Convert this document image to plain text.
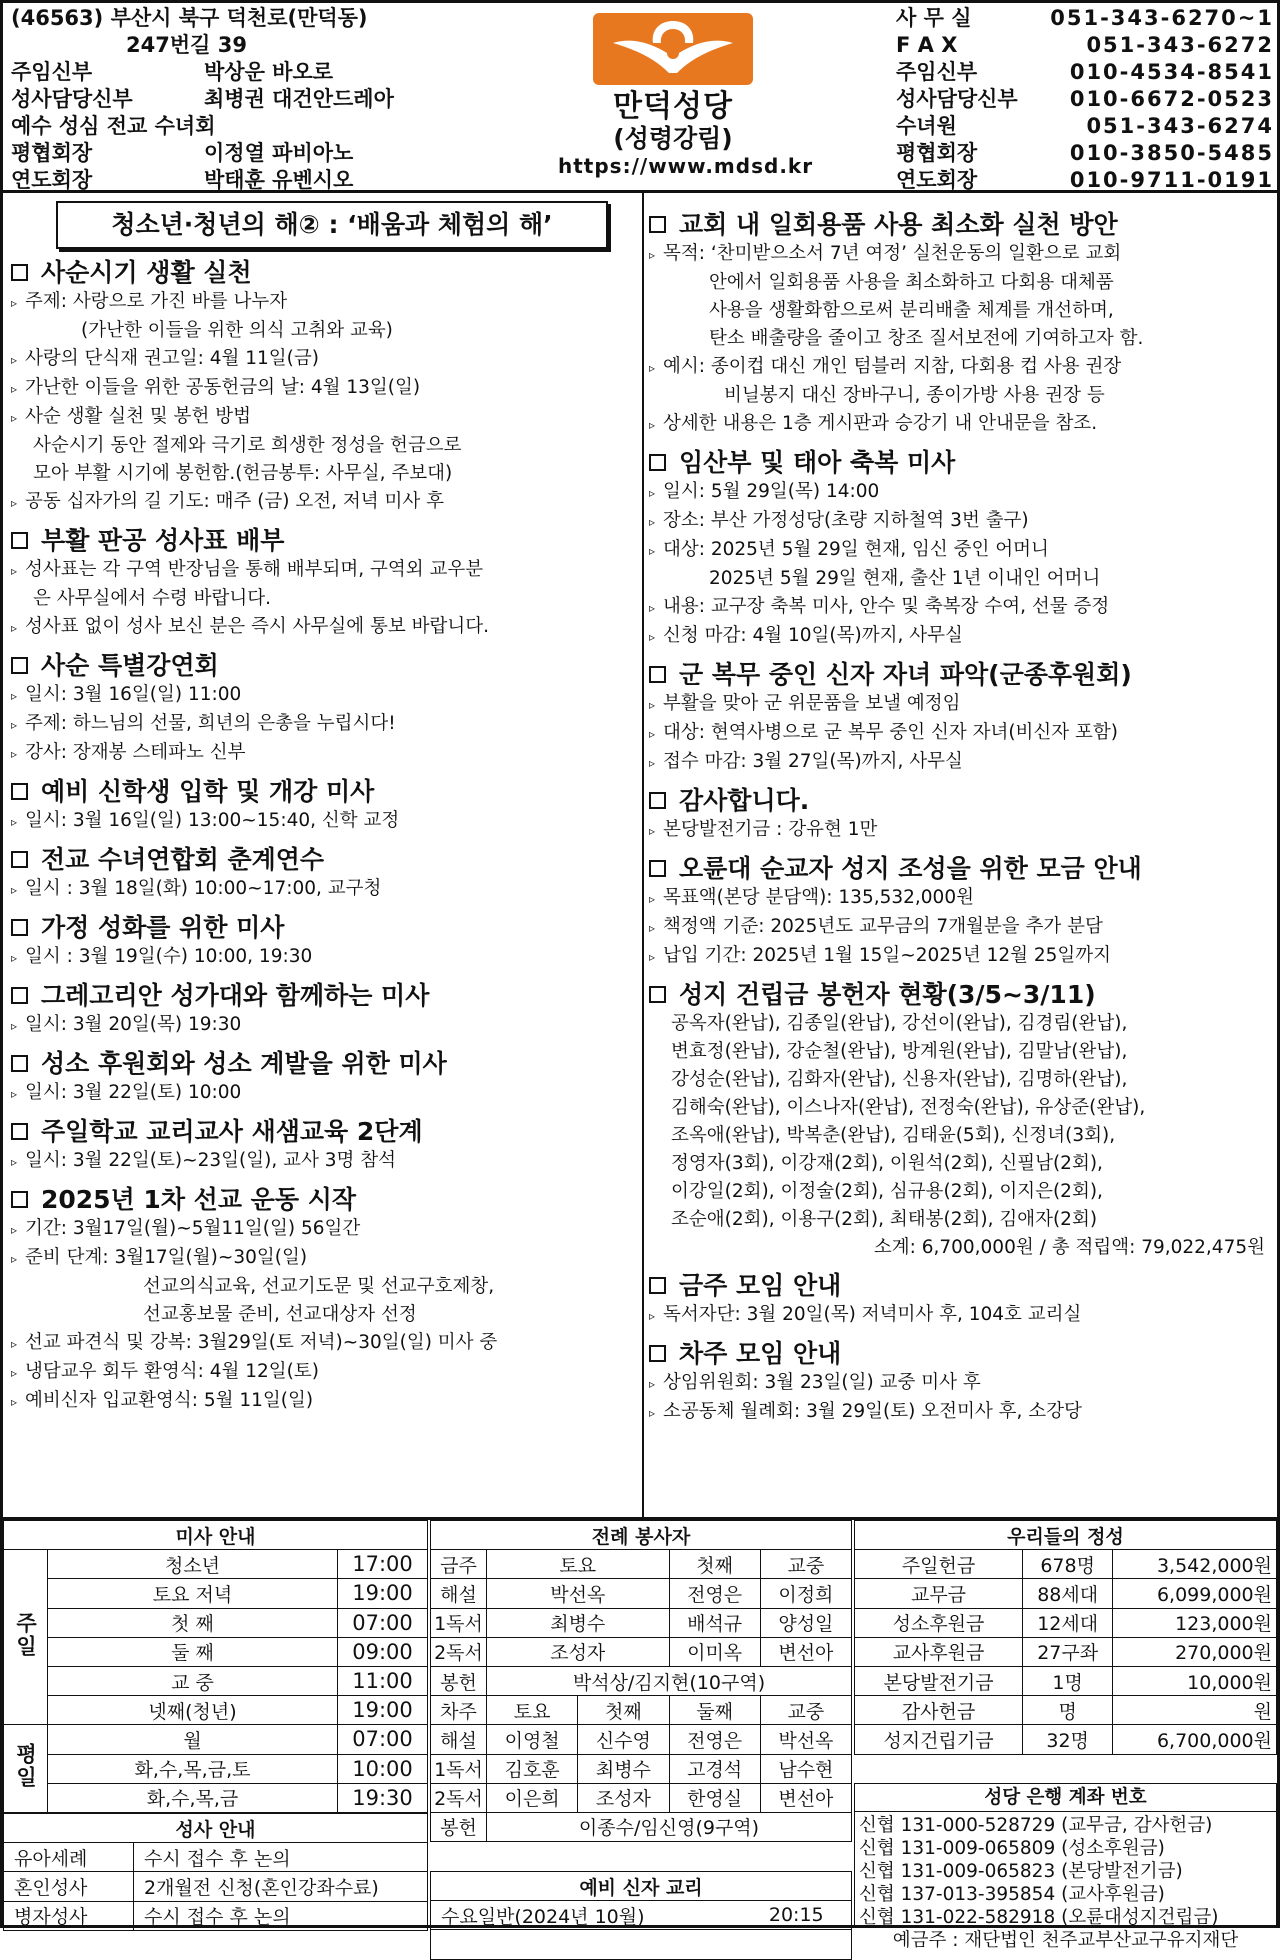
(46563) 부산시 북구 덕천로(만덕동)
247번길 39
주임신부	박상운 바오로
성사담당신부	최병권 대건안드레아
예수 성심 전교 수녀회
평협회장	이정열 파비아노
연도회장	박태훈 유벤시오
만덕성당
(성령강림)
https://www.mdsd.kr
사 무 실	051-343-6270~1
F A X	051-343-6272
주임신부	010-4534-8541
성사담당신부 010-6672-0523
수녀원	051-343-6274
평협회장	010-3850-5485
연도회장	010-9711-0191
청소년·청년의 해② : ‘배움과 체험의 해’
사순시기 생활 실천
▹ 주제: 사랑으로 가진 바를 나누자
(가난한 이들을 위한 의식 고취와 교육)
▹ 사랑의 단식재 권고일: 4월 11일(금)
▹ 가난한 이들을 위한 공동헌금의 날: 4월 13일(일)
▹ 사순 생활 실천 및 봉헌 방법
사순시기 동안 절제와 극기로 희생한 정성을 헌금으로
모아 부활 시기에 봉헌함.(헌금봉투: 사무실, 주보대)
▹ 공동 십자가의 길 기도: 매주 (금) 오전, 저녁 미사 후
부활 판공 성사표 배부
▹ 성사표는 각 구역 반장님을 통해 배부되며, 구역외 교우분
은 사무실에서 수령 바랍니다.
▹ 성사표 없이 성사 보신 분은 즉시 사무실에 통보 바랍니다.
사순 특별강연회
▹ 일시: 3월 16일(일) 11:00
▹ 주제: 하느님의 선물, 희년의 은총을 누립시다!
▹ 강사: 장재봉 스테파노 신부
예비 신학생 입학 및 개강 미사
▹ 일시: 3월 16일(일) 13:00~15:40, 신학 교정
전교 수녀연합회 춘계연수
▹ 일시 : 3월 18일(화) 10:00~17:00, 교구청
가정 성화를 위한 미사
▹ 일시 : 3월 19일(수) 10:00, 19:30
그레고리안 성가대와 함께하는 미사
▹ 일시: 3월 20일(목) 19:30
성소 후원회와 성소 계발을 위한 미사
▹ 일시: 3월 22일(토) 10:00
주일학교 교리교사 새샘교육 2단계
▹ 일시: 3월 22일(토)~23일(일), 교사 3명 참석
2025년 1차 선교 운동 시작
▹ 기간: 3월17일(월)~5월11일(일) 56일간
▹ 준비 단계: 3월17일(월)~30일(일)
선교의식교육, 선교기도문 및 선교구호제창,
선교홍보물 준비, 선교대상자 선정
▹ 선교 파견식 및 강복: 3월29일(토 저녁)~30일(일) 미사 중
▹ 냉담교우 회두 환영식: 4월 12일(토)
▹ 예비신자 입교환영식: 5월 11일(일)
교회 내 일회용품 사용 최소화 실천 방안
▹ 목적: ‘찬미받으소서 7년 여정’ 실천운동의 일환으로 교회
안에서 일회용품 사용을 최소화하고 다회용 대체품
사용을 생활화함으로써 분리배출 체계를 개선하며,
탄소 배출량을 줄이고 창조 질서보전에 기여하고자 함.
▹ 예시: 종이컵 대신 개인 텀블러 지참, 다회용 컵 사용 권장
비닐봉지 대신 장바구니, 종이가방 사용 권장 등
▹ 상세한 내용은 1층 게시판과 승강기 내 안내문을 참조.
임산부 및 태아 축복 미사
▹ 일시: 5월 29일(목) 14:00
▹ 장소: 부산 가정성당(초량 지하철역 3번 출구)
▹ 대상: 2025년 5월 29일 현재, 임신 중인 어머니
2025년 5월 29일 현재, 출산 1년 이내인 어머니
▹ 내용: 교구장 축복 미사, 안수 및 축복장 수여, 선물 증정
▹ 신청 마감: 4월 10일(목)까지, 사무실
군 복무 중인 신자 자녀 파악(군종후원회)
▹ 부활을 맞아 군 위문품을 보낼 예정임
▹ 대상: 현역사병으로 군 복무 중인 신자 자녀(비신자 포함)
▹ 접수 마감: 3월 27일(목)까지, 사무실
감사합니다.
▹ 본당발전기금 : 강유현 1만
오륜대 순교자 성지 조성을 위한 모금 안내
▹ 목표액(본당 분담액): 135,532,000원
▹ 책정액 기준: 2025년도 교무금의 7개월분을 추가 분담
▹ 납입 기간: 2025년 1월 15일~2025년 12월 25일까지
성지 건립금 봉헌자 현황(3/5~3/11)
공옥자(완납), 김종일(완납), 강선이(완납), 김경림(완납),
변효정(완납), 강순철(완납), 방계원(완납), 김말남(완납),
강성순(완납), 김화자(완납), 신용자(완납), 김명하(완납),
김해숙(완납), 이스나자(완납), 전정숙(완납), 유상준(완납),
조옥애(완납), 박복춘(완납), 김태윤(5회), 신정녀(3회),
정영자(3회), 이강재(2회), 이원석(2회), 신필남(2회),
이강일(2회), 이정술(2회), 심규용(2회), 이지은(2회),
조순애(2회), 이용구(2회), 최태봉(2회), 김애자(2회)
소계: 6,700,000원 / 총 적립액: 79,022,475원
금주 모임 안내
▹ 독서자단: 3월 20일(목) 저녁미사 후, 104호 교리실
차주 모임 안내
▹ 상임위원회: 3월 23일(일) 교중 미사 후
▹ 소공동체 월례회: 3월 29일(토) 오전미사 후, 소강당
미사 안내		
주일	청소년	17:00
	토요 저녁	19:00
	첫 째	07:00
	둘 째	09:00
	교 중	11:00
	넷째(청년)	19:00
평일	월	07:00
	화,수,목,금,토	10:00
	화,수,목,금	19:30
전례 봉사자				
금주	토요		첫째	교중
해설	박선옥		전영은	이정희
1독서	최병수		배석규	양성일
2독서	조성자		이미옥	변선아
봉헌	박석상/김지현(10구역)			
차주	토요	첫째	둘째	교중
해설	이영철	신수영	전영은	박선옥
1독서	김호훈	최병수	고경석	남수현
2독서	이은희	조성자	한영실	변선아
봉헌	이종수/임신영(9구역)			
우리들의 정성		
주일헌금	678명	3,542,000원
교무금	88세대	6,099,000원
성소후원금	12세대	123,000원
교사후원금	27구좌	270,000원
본당발전기금	1명	10,000원
감사헌금	명	원
성지건립기금	32명	6,700,000원
성당 은행 계좌 번호
신협 131-000-528729 (교무금, 감사헌금)
신협 131-009-065809 (성소후원금)
신협 131-009-065823 (본당발전기금)
신협 137-013-395854 (교사후원금)
신협 131-022-582918 (오륜대성지건립금)
예금주 : 재단법인 천주교부산교구유지재단
성사 안내	
유아세례	수시 접수 후 논의
혼인성사	2개월전 신청(혼인강좌수료)
병자성사	수시 접수 후 논의
예비 신자 교리
수요일반(2024년 10월)	20:15
